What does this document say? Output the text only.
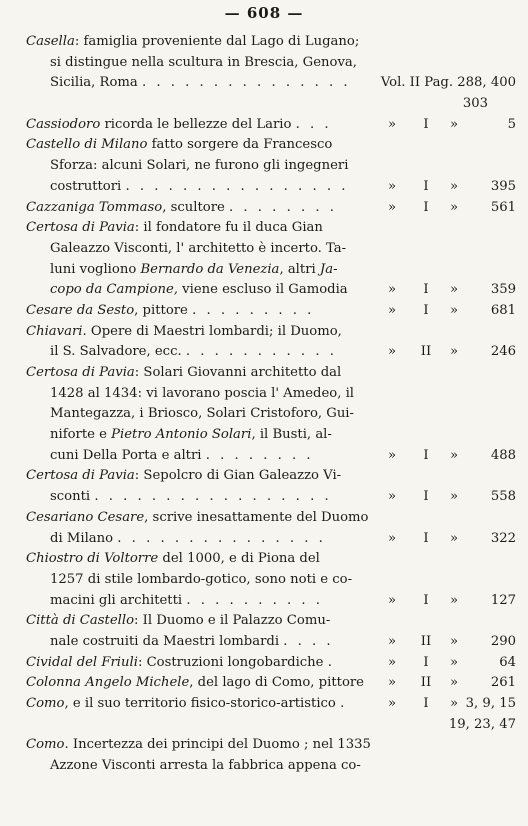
— 608 —
Casella: famiglia proveniente dal Lago di Lugano;
si distingue nella scultura in Brescia, Genova,
Sicilia, Roma . . . . . . . . . . . . . . . Vol. II Pag. 288, 400
303
Cassiodoro ricorda le bellezze del Lario . . .	»	I	»	5
Castello di Milano fatto sorgere da Francesco
Sforza: alcuni Solari, ne furono gli ingegneri
costruttori . . . . . . . . . . . . . . . .	»	I	»	395
Cazzaniga Tommaso, scultore . . . . . . . .	»	I	»	561
Certosa di Pavia: il fondatore fu il duca Gian
Galeazzo Visconti, l' architetto è incerto. Ta-
luni vogliono Bernardo da Venezia, altri Ja-
copo da Campione, viene escluso il Gamodia	»	I	»	359
Cesare da Sesto, pittore . . . . . . . . .	»	I	»	681
Chiavari. Opere di Maestri lombardi; il Duomo,
il S. Salvadore, ecc. . . . . . . . . . . .	»	II	»	246
Certosa di Pavia: Solari Giovanni architetto dal
1428 al 1434: vi lavorano poscia l' Amedeo, il
Mantegazza, i Briosco, Solari Cristoforo, Gui-
niforte e Pietro Antonio Solari, il Busti, al-
cuni Della Porta e altri . . . . . . . .	»	I	»	488
Certosa di Pavia: Sepolcro di Gian Galeazzo Vi-
sconti . . . . . . . . . . . . . . . . .	»	I	»	558
Cesariano Cesare, scrive inesattamente del Duomo
di Milano . . . . . . . . . . . . . . .	»	I	»	322
Chiostro di Voltorre del 1000, e di Piona del
1257 di stile lombardo-gotico, sono noti e co-
macini gli architetti . . . . . . . . . .	»	I	»	127
Città di Castello: Il Duomo e il Palazzo Comu-
nale costruiti da Maestri lombardi . . . .	»	II	»	290
Cividal del Friuli: Costruzioni longobardiche .	»	I	»	64
Colonna Angelo Michele, del lago di Como, pittore	»	II	»	261
Como, e il suo territorio fisico-storico-artistico .	»	I	» 3, 9, 15
19, 23, 47
Como. Incertezza dei principi del Duomo ; nel 1335
Azzone Visconti arresta la fabbrica appena co-
